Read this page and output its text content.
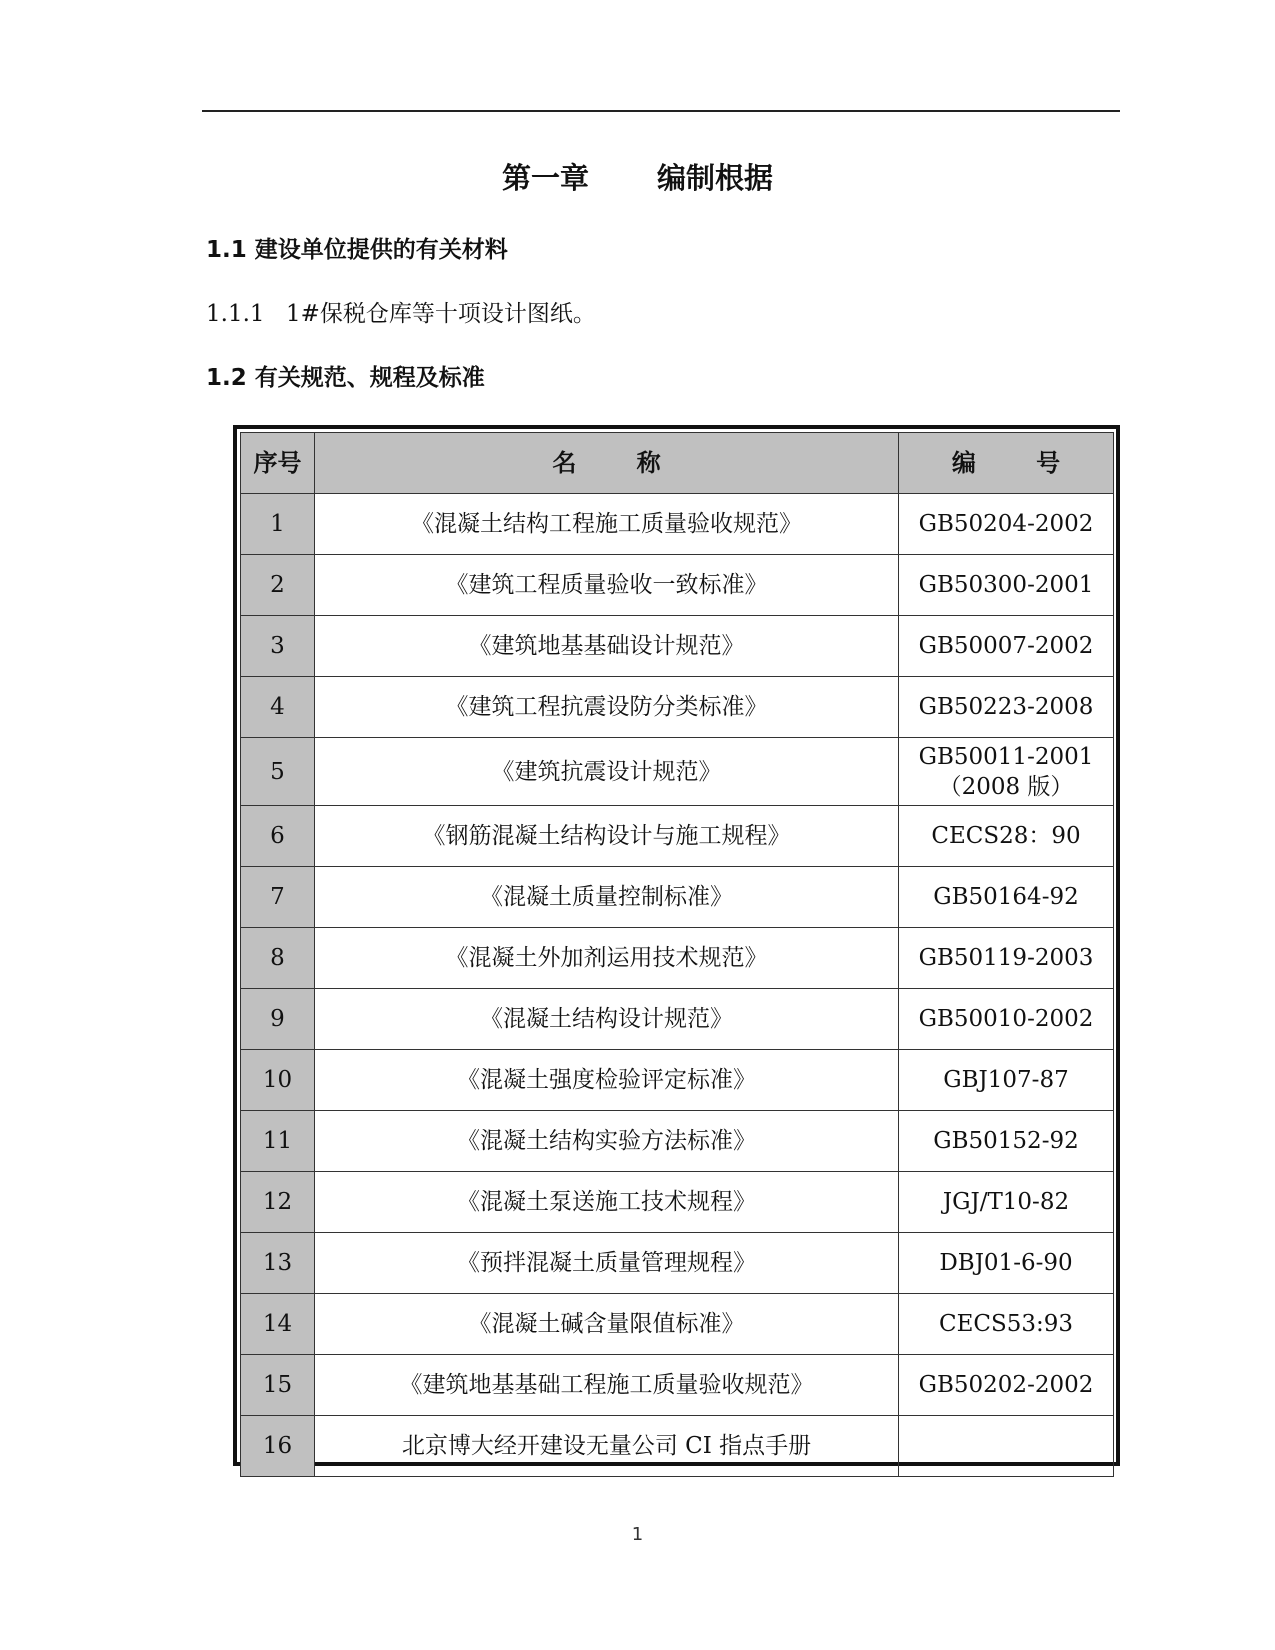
第一章　　 编制根据
1.1 建设单位提供的有关材料
1.1.1 1#保税仓库等十项设计图纸。
1.2 有关规范、规程及标准
序号	名 称	编 号
1	《混凝土结构工程施工质量验收规范》	GB50204-2002

2	《建筑工程质量验收一致标准》	GB50300-2001

3	《建筑地基基础设计规范》	GB50007-2002

4	《建筑工程抗震设防分类标准》	GB50223-2008

5	《建筑抗震设计规范》	GB50011-2001
（2008 版）

6	《钢筋混凝土结构设计与施工规程》	CECS28：90

7	《混凝土质量控制标准》	GB50164-92

8	《混凝土外加剂运用技术规范》	GB50119-2003

9	《混凝土结构设计规范》	GB50010-2002

10	《混凝土强度检验评定标准》	GBJ107-87

11	《混凝土结构实验方法标准》	GB50152-92

12	《混凝土泵送施工技术规程》	JGJ/T10-82

13	《预拌混凝土质量管理规程》	DBJ01-6-90

14	《混凝土碱含量限值标准》	CECS53:93

15	《建筑地基基础工程施工质量验收规范》	GB50202-2002

16	北京博大经开建设无量公司 CI 指点手册	
1
